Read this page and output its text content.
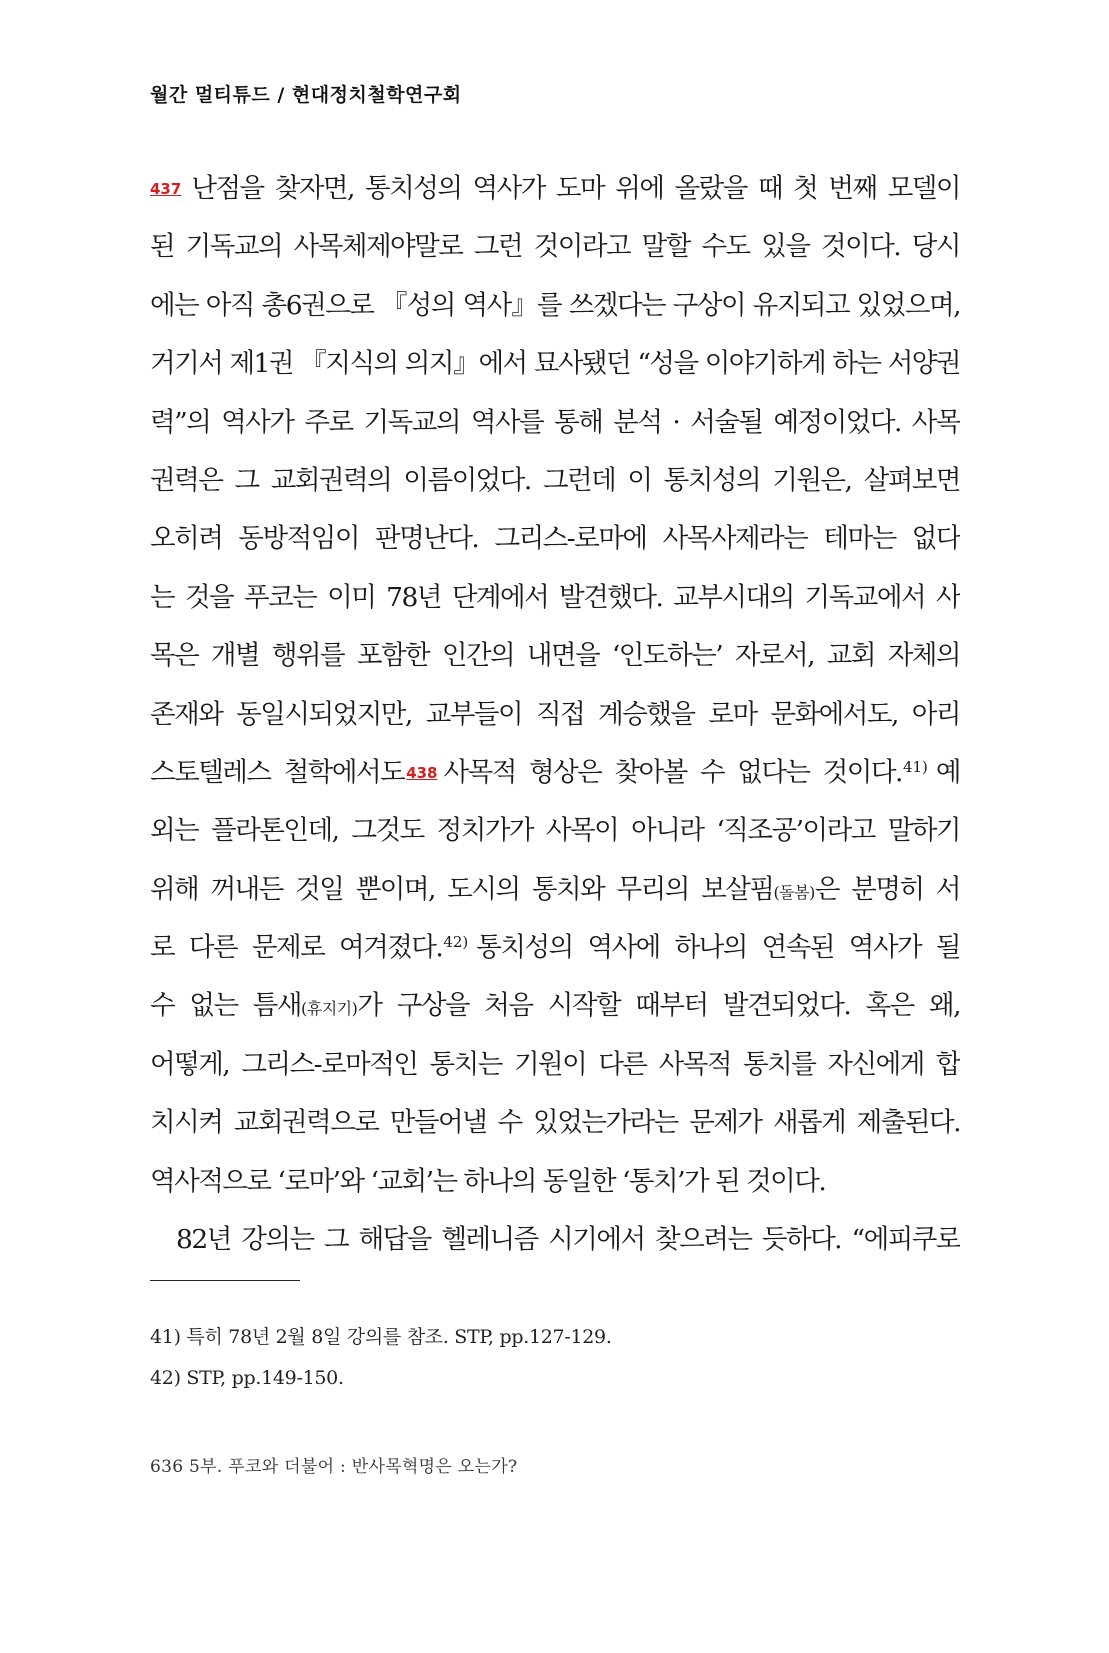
월간 멀티튜드 / 현대정치철학연구회
437 난점을 찾자면, 통치성의 역사가 도마 위에 올랐을 때 첫 번째 모델이
된 기독교의 사목체제야말로 그런 것이라고 말할 수도 있을 것이다. 당시
에는 아직 총6권으로 『성의 역사』를 쓰겠다는 구상이 유지되고 있었으며,
거기서 제1권 『지식의 의지』에서 묘사됐던 “성을 이야기하게 하는 서양권
력”의 역사가 주로 기독교의 역사를 통해 분석 · 서술될 예정이었다. 사목
권력은 그 교회권력의 이름이었다. 그런데 이 통치성의 기원은, 살펴보면
오히려 동방적임이 판명난다. 그리스-로마에 사목사제라는 테마는 없다
는 것을 푸코는 이미 78년 단계에서 발견했다. 교부시대의 기독교에서 사
목은 개별 행위를 포함한 인간의 내면을 ‘인도하는’ 자로서, 교회 자체의
존재와 동일시되었지만, 교부들이 직접 계승했을 로마 문화에서도, 아리
스토텔레스 철학에서도 438 사목적 형상은 찾아볼 수 없다는 것이다.$^{41)}$ 예
외는 플라톤인데, 그것도 정치가가 사목이 아니라 ‘직조공’이라고 말하기
위해 꺼내든 것일 뿐이며, 도시의 통치와 무리의 보살핌(돌봄)은 분명히 서
로 다른 문제로 여겨졌다.$^{42)}$ 통치성의 역사에 하나의 연속된 역사가 될
수 없는 틈새(휴지기)가 구상을 처음 시작할 때부터 발견되었다. 혹은 왜,
어떻게, 그리스-로마적인 통치는 기원이 다른 사목적 통치를 자신에게 합
치시켜 교회권력으로 만들어낼 수 있었는가라는 문제가 새롭게 제출된다.
역사적으로 ‘로마’와 ‘교회’는 하나의 동일한 ‘통치’가 된 것이다.
82년 강의는 그 해답을 헬레니즘 시기에서 찾으려는 듯하다. “에피쿠로
41) 특히 78년 2월 8일 강의를 참조. STP, pp.127-129.
42) STP, pp.149-150.
636 5부. 푸코와 더불어 : 반사목혁명은 오는가?
